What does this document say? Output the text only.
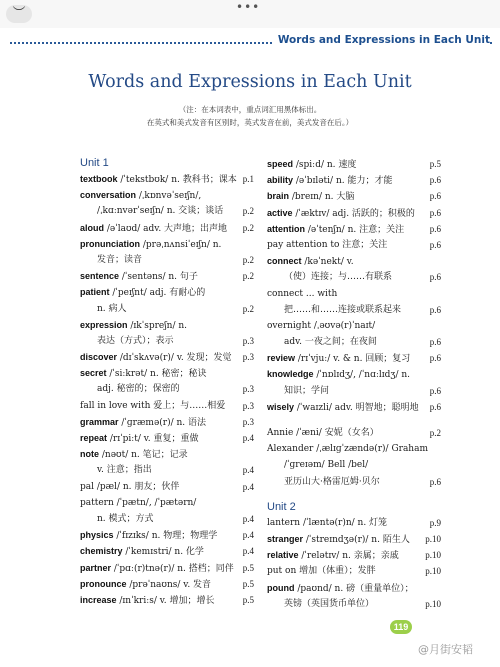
︶	•••
Words and Expressions in Each Unit
Words and Expressions in Each Unit
（注：在本词表中，重点词汇用黑体标出。
在英式和美式发音有区别时，英式发音在前，美式发音在后。）
Unit 1
textbook /ˈtekstbʊk/ n. 教科书；课本 p.1
conversation /ˌkɒnvəˈseɪʃn/,
/ˌkɑːnvərˈseɪʃn/ n. 交谈；谈话 p.2
aloud /əˈlaʊd/ adv. 大声地；出声地 p.2
pronunciation /prəˌnʌnsiˈeɪʃn/ n.
发音；读音	p.2
sentence /ˈsentəns/ n. 句子	p.2
patient /ˈpeɪʃnt/ adj. 有耐心的
n. 病人	p.2
expression /ɪkˈspreʃn/ n.
表达（方式）；表示	p.3
discover /dɪˈskʌvə(r)/ v. 发现；发觉 p.3
secret /ˈsiːkrət/ n. 秘密；秘诀
adj. 秘密的；保密的	p.3
fall in love with 爱上；与……相爱 p.3
grammar /ˈɡræmə(r)/ n. 语法	p.3
repeat /rɪˈpiːt/ v. 重复；重做	p.4
note /nəʊt/ n. 笔记；记录
v. 注意；指出	p.4
pal /pæl/ n. 朋友；伙伴	p.4
pattern /ˈpætn/, /ˈpætərn/
n. 模式；方式	p.4
physics /ˈfɪzɪks/ n. 物理；物理学	p.4
chemistry /ˈkemɪstri/ n. 化学	p.4
partner /ˈpɑː(r)tnə(r)/ n. 搭档；同伴 p.5
pronounce /prəˈnaʊns/ v. 发音	p.5
increase /ɪnˈkriːs/ v. 增加；增长	p.5
speed /spiːd/ n. 速度	p.5
ability /əˈbɪləti/ n. 能力；才能	p.6
brain /breɪn/ n. 大脑	p.6
active /ˈæktɪv/ adj. 活跃的；积极的 p.6
attention /əˈtenʃn/ n. 注意；关注	p.6
pay attention to 注意；关注	p.6
connect /kəˈnekt/ v.
（使）连接；与……有联系	p.6
connect ... with
把……和……连接或联系起来	p.6
overnight /ˌəʊvə(r)ˈnaɪt/
adv. 一夜之间；在夜间	p.6
review /rɪˈvjuː/ v. & n. 回顾；复习 p.6
knowledge /ˈnɒlɪdʒ/, /ˈnɑːlɪdʒ/ n.
知识；学问	p.6
wisely /ˈwaɪzli/ adv. 明智地；聪明地 p.6
Annie /ˈæni/ 安妮（女名）	p.2
Alexander /ˌælɪɡˈzændə(r)/ Graham
/ˈɡreɪəm/ Bell /bel/
亚历山大·格雷厄姆·贝尔	p.6
Unit 2
lantern /ˈlæntə(r)n/ n. 灯笼	p.9
stranger /ˈstreɪndʒə(r)/ n. 陌生人 p.10
relative /ˈrelətɪv/ n. 亲属；亲戚	p.10
put on 增加（体重）；发胖	p.10
pound /paʊnd/ n. 磅（重量单位）；
英镑（英国货币单位）	p.10
119
@月街安韬
